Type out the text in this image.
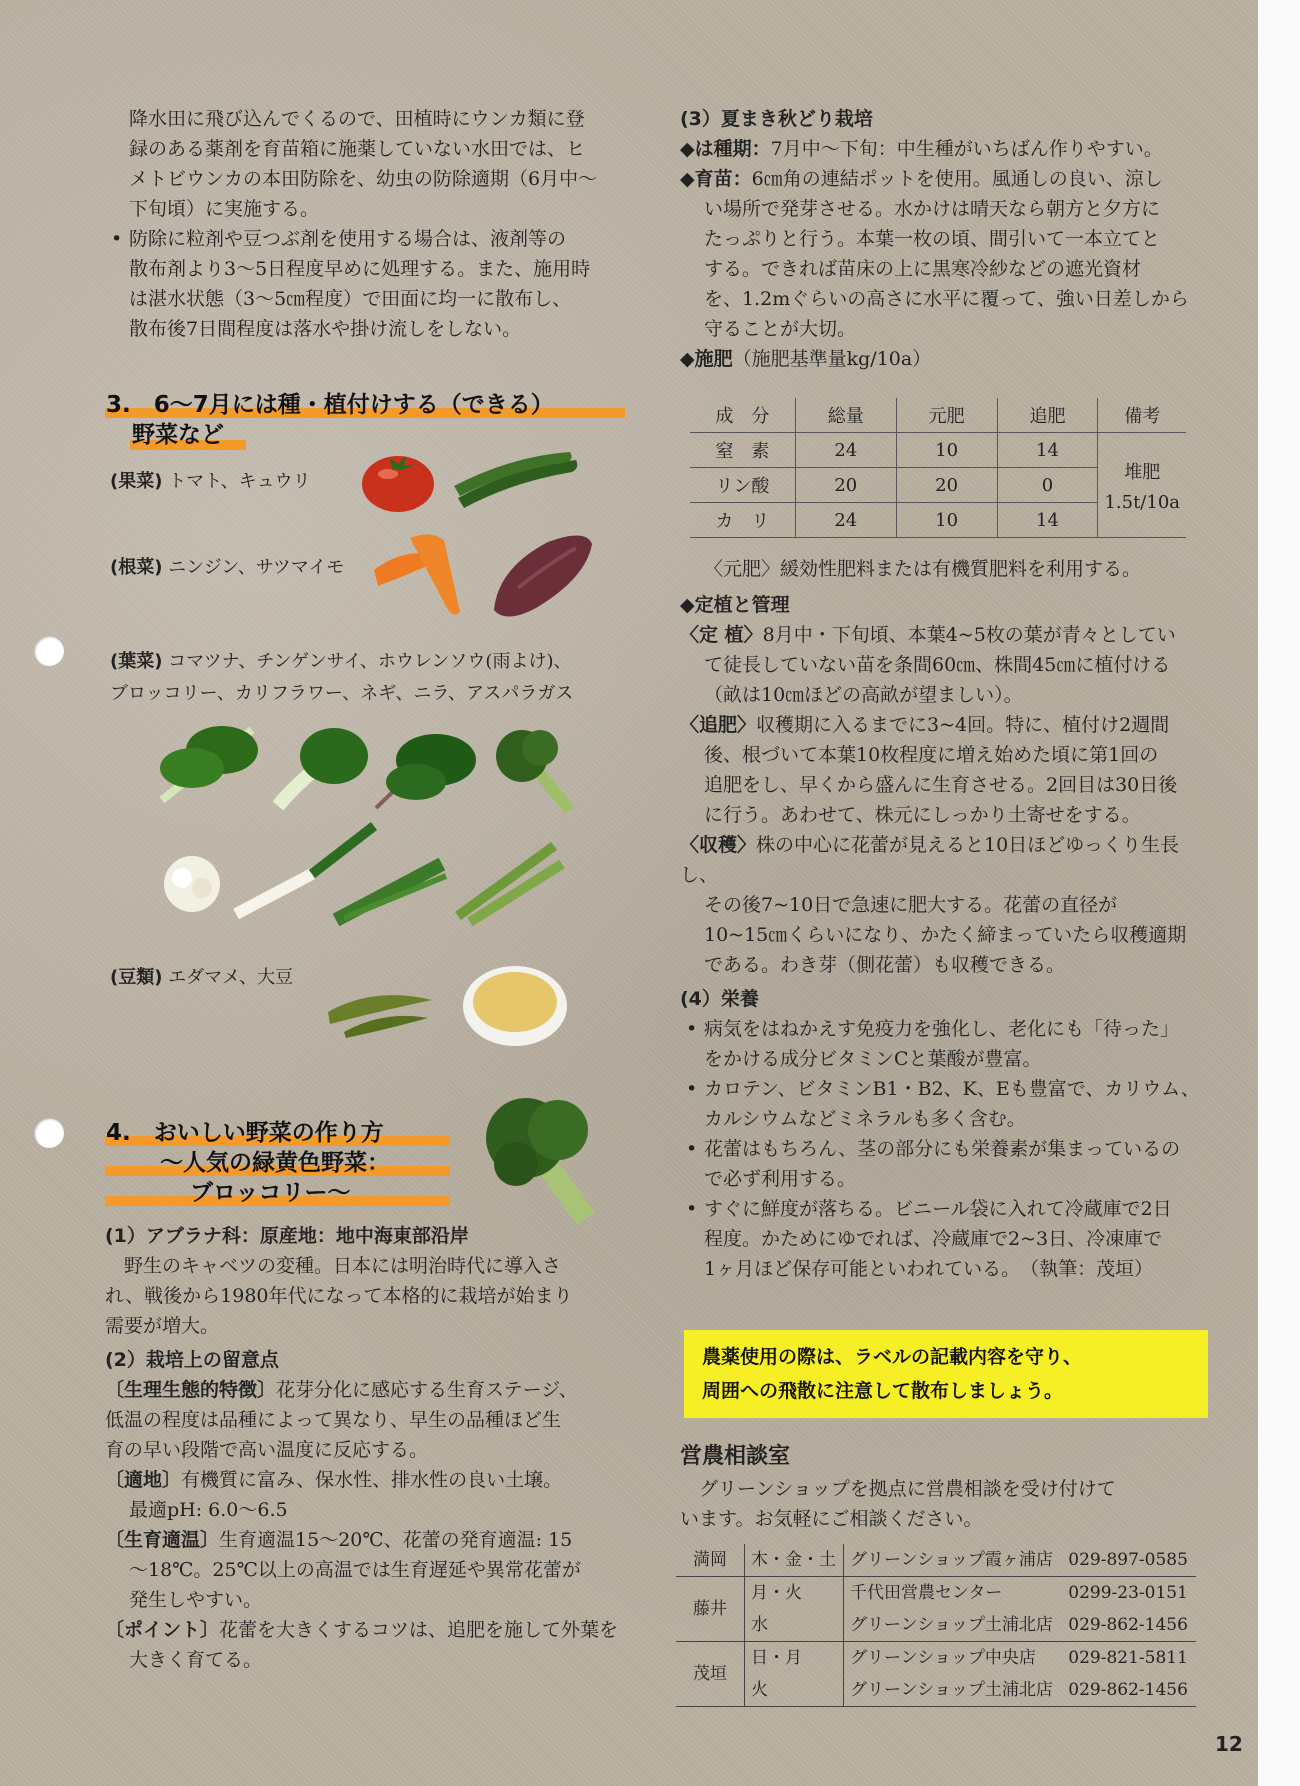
降水田に飛び込んでくるので、田植時にウンカ類に登

録のある薬剤を育苗箱に施薬していない水田では、ヒ

メトビウンカの本田防除を、幼虫の防除適期（6月中～

下旬頃）に実施する。

• 防除に粒剤や豆つぶ剤を使用する場合は、液剤等の

散布剤より3～5日程度早めに処理する。また、施用時

は湛水状態（3～5㎝程度）で田面に均一に散布し、

散布後7日間程度は落水や掛け流しをしない。

3.　6～7月には種・植付けする（できる）
野菜など
(果菜) トマト、キュウリ
(根菜) ニンジン、サツマイモ
(葉菜) コマツナ、チンゲンサイ、ホウレンソウ(雨よけ)、
ブロッコリー、カリフラワー、ネギ、ニラ、アスパラガス
(豆類) エダマメ、大豆
4.　おいしい野菜の作り方
～人気の緑黄色野菜：
ブロッコリー～

(1）アブラナ科：原産地：地中海東部沿岸

　野生のキャベツの変種。日本には明治時代に導入さ

れ、戦後から1980年代になって本格的に栽培が始まり

需要が増大。

(2）栽培上の留意点

〔生理生態的特徴〕花芽分化に感応する生育ステージ、

低温の程度は品種によって異なり、早生の品種ほど生

育の早い段階で高い温度に反応する。

〔適地〕有機質に富み、保水性、排水性の良い土壌。

最適pH: 6.0～6.5

〔生育適温〕生育適温15～20℃、花蕾の発育適温: 15

～18℃。25℃以上の高温では生育遅延や異常花蕾が

発生しやすい。

〔ポイント〕花蕾を大きくするコツは、追肥を施して外葉を

大きく育てる。

(3）夏まき秋どり栽培

◆は種期：7月中～下旬：中生種がいちばん作りやすい。

◆育苗：6㎝角の連結ポットを使用。風通しの良い、涼し

い場所で発芽させる。水かけは晴天なら朝方と夕方に

たっぷりと行う。本葉一枚の頃、間引いて一本立てと

する。できれば苗床の上に黒寒冷紗などの遮光資材

を、1.2mぐらいの高さに水平に覆って、強い日差しから

守ることが大切。

◆施肥（施肥基準量kg/10a）

成　分	総量	元肥	追肥	備考
窒　素	24	10	14	堆肥
1.5t/10a

リン酸	20	20	0	
カ　リ	24	10	14	

〈元肥〉緩効性肥料または有機質肥料を利用する。

◆定植と管理

〈定 植〉8月中・下旬頃、本葉4~5枚の葉が青々としてい

て徒長していない苗を条間60㎝、株間45㎝に植付ける

（畝は10㎝ほどの高畝が望ましい）。

〈追肥〉収穫期に入るまでに3~4回。特に、植付け2週間

後、根づいて本葉10枚程度に増え始めた頃に第1回の

追肥をし、早くから盛んに生育させる。2回目は30日後

に行う。あわせて、株元にしっかり土寄せをする。

〈収穫〉株の中心に花蕾が見えると10日ほどゆっくり生長し、

その後7~10日で急速に肥大する。花蕾の直径が

10~15㎝くらいになり、かたく締まっていたら収穫適期

である。わき芽（側花蕾）も収穫できる。

(4）栄養

• 病気をはねかえす免疫力を強化し、老化にも「待った」

をかける成分ビタミンCと葉酸が豊富。

• カロテン、ビタミンB1・B2、K、Eも豊富で、カリウム、

カルシウムなどミネラルも多く含む。

• 花蕾はもちろん、茎の部分にも栄養素が集まっているの

で必ず利用する。

• すぐに鮮度が落ちる。ビニール袋に入れて冷蔵庫で2日

程度。かためにゆでれば、冷蔵庫で2~3日、冷凍庫で

1ヶ月ほど保存可能といわれている。　（執筆：茂垣）

農薬使用の際は、ラベルの記載内容を守り、
周囲への飛散に注意して散布しましょう。

営農相談室

　グリーンショップを拠点に営農相談を受け付けて

います。お気軽にご相談ください。

満岡	木・金・土	グリーンショップ霞ヶ浦店	029-897-0585
藤井	月・火	千代田営農センター	0299-23-0151
	水	グリーンショップ土浦北店	029-862-1456
茂垣	日・月	グリーンショップ中央店	029-821-5811
	火	グリーンショップ土浦北店	029-862-1456
12
